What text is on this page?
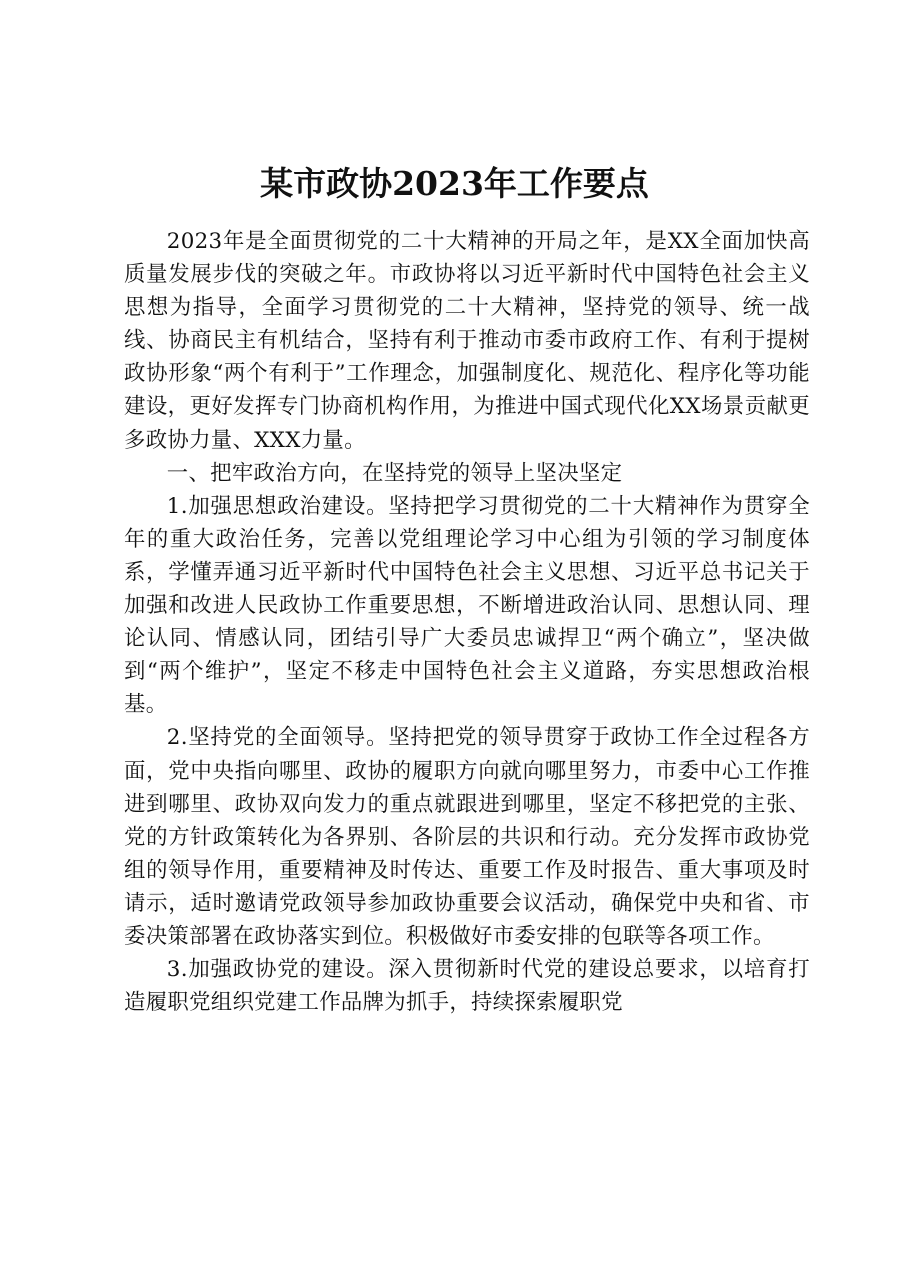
某市政协2023年工作要点

2023年是全面贯彻党的二十大精神的开局之年，是XX全面加快高质量发展步伐的突破之年。市政协将以习近平新时代中国特色社会主义思想为指导，全面学习贯彻党的二十大精神，坚持党的领导、统一战线、协商民主有机结合，坚持有利于推动市委市政府工作、有利于提树政协形象“两个有利于”工作理念，加强制度化、规范化、程序化等功能建设，更好发挥专门协商机构作用，为推进中国式现代化XX场景贡献更多政协力量、XXX力量。

一、把牢政治方向，在坚持党的领导上坚决坚定

1.加强思想政治建设。坚持把学习贯彻党的二十大精神作为贯穿全年的重大政治任务，完善以党组理论学习中心组为引领的学习制度体系，学懂弄通习近平新时代中国特色社会主义思想、习近平总书记关于加强和改进人民政协工作重要思想，不断增进政治认同、思想认同、理论认同、情感认同，团结引导广大委员忠诚捍卫“两个确立”，坚决做到“两个维护”，坚定不移走中国特色社会主义道路，夯实思想政治根基。

2.坚持党的全面领导。坚持把党的领导贯穿于政协工作全过程各方面，党中央指向哪里、政协的履职方向就向哪里努力，市委中心工作推进到哪里、政协双向发力的重点就跟进到哪里，坚定不移把党的主张、党的方针政策转化为各界别、各阶层的共识和行动。充分发挥市政协党组的领导作用，重要精神及时传达、重要工作及时报告、重大事项及时请示，适时邀请党政领导参加政协重要会议活动，确保党中央和省、市委决策部署在政协落实到位。积极做好市委安排的包联等各项工作。

3.加强政协党的建设。深入贯彻新时代党的建设总要求，以培育打造履职党组织党建工作品牌为抓手，持续探索履职党
